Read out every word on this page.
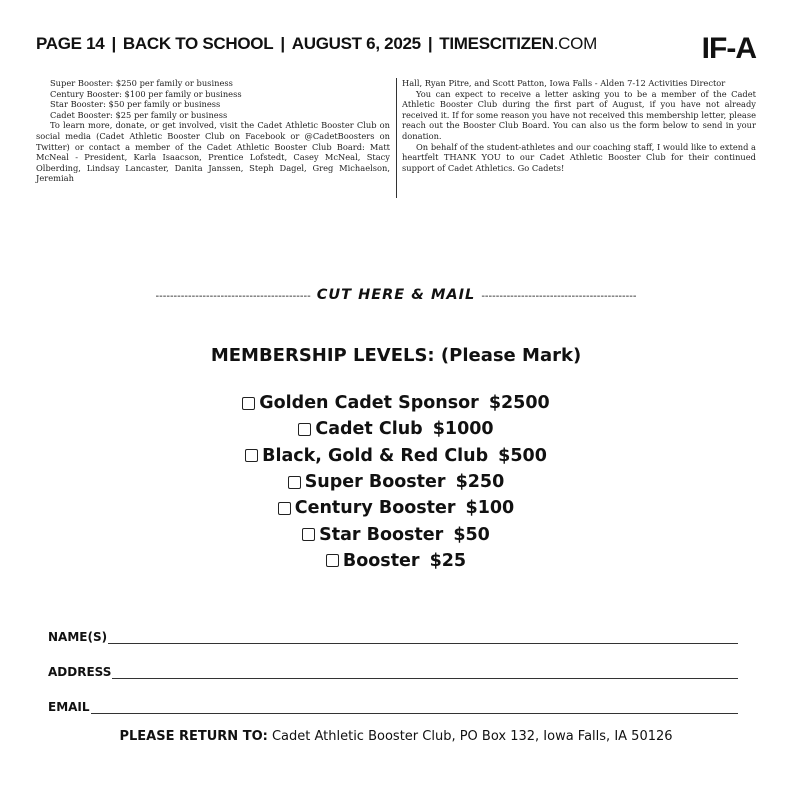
PAGE 14 | BACK TO SCHOOL | AUGUST 6, 2025 | TIMESCITIZEN.COM	IF-A

Super Booster: $250 per family or business

Century Booster: $100 per family or business

Star Booster: $50 per family or business

Cadet Booster: $25 per family or business

To learn more, donate, or get involved, visit the Cadet Athletic Booster Club on social media (Cadet Athletic Booster Club on Facebook or @CadetBoosters on Twitter) or contact a member of the Cadet Athletic Booster Club Board: Matt McNeal - President, Karla Isaacson, Prentice Lofstedt, Casey McNeal, Stacy Olberding, Lindsay Lancaster, Danita Janssen, Steph Dagel, Greg Michaelson, Jeremiah

Hall, Ryan Pitre, and Scott Patton, Iowa Falls - Alden 7-12 Activities Director

You can expect to receive a letter asking you to be a member of the Cadet Athletic Booster Club during the first part of August, if you have not already received it. If for some reason you have not received this membership letter, please reach out the Booster Club Board. You can also us the form below to send in your donation.

On behalf of the student-athletes and our coaching staff, I would like to extend a heartfelt THANK YOU to our Cadet Athletic Booster Club for their continued support of Cadet Athletics. Go Cadets!

------------------------------------------- CUT HERE & MAIL -------------------------------------------
MEMBERSHIP LEVELS: (Please Mark)
Golden Cadet Sponsor $2500
Cadet Club $1000
Black, Gold & Red Club $500
Super Booster $250
Century Booster $100
Star Booster $50
Booster $25
NAME(S)
ADDRESS
EMAIL
PLEASE RETURN TO: Cadet Athletic Booster Club, PO Box 132, Iowa Falls, IA 50126
